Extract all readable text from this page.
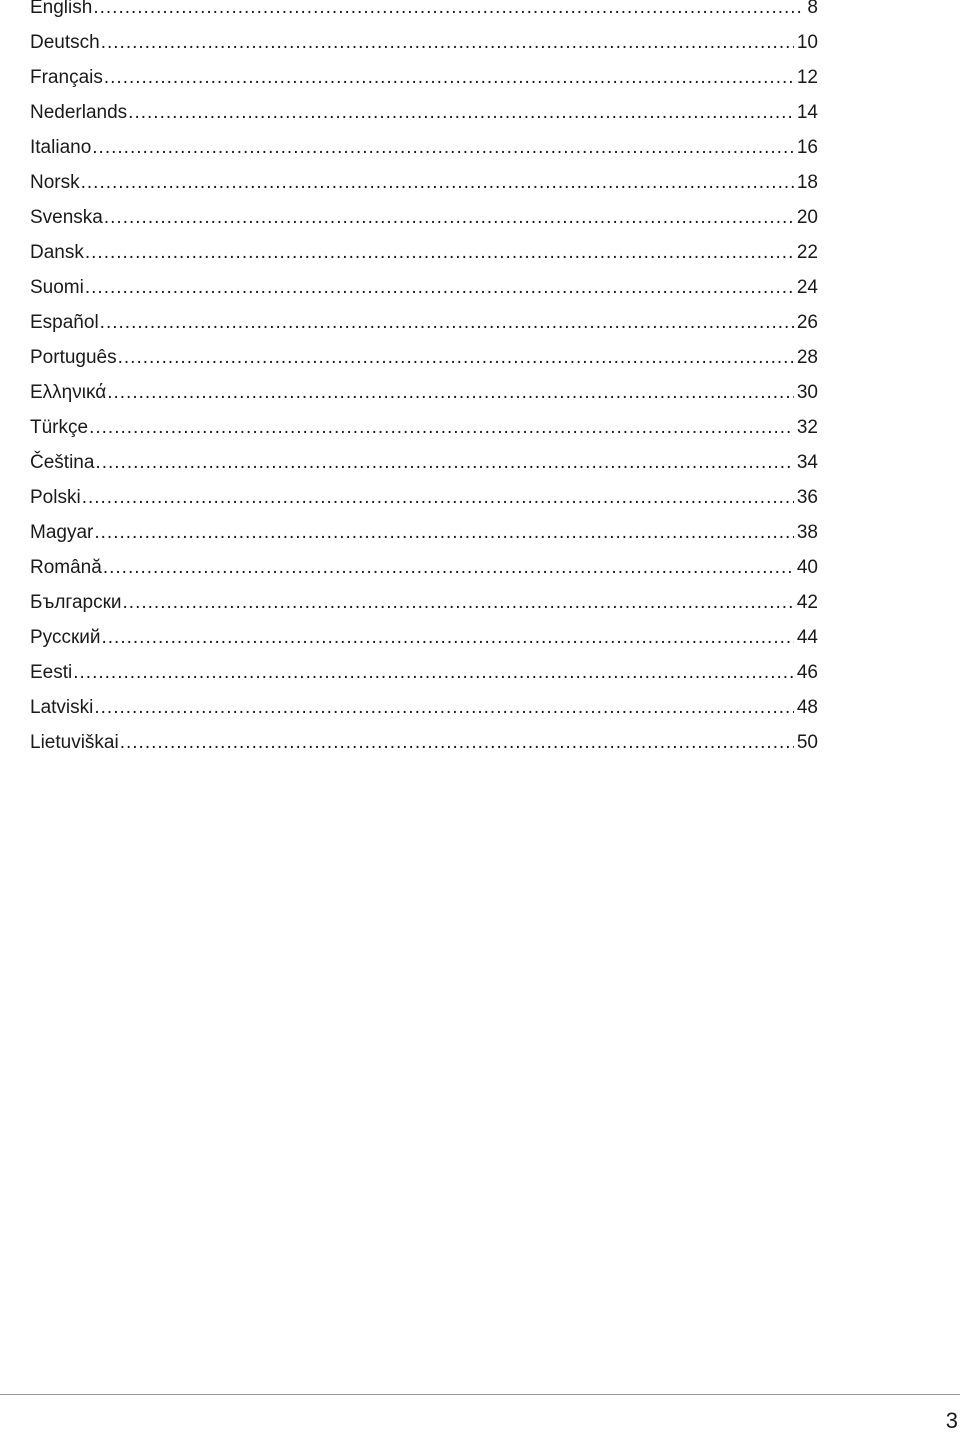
English .....	8
Deutsch .....	10
Français .....	12
Nederlands .....	14
Italiano .....	16
Norsk .....	18
Svenska .....	20
Dansk .....	22
Suomi .....	24
Español .....	26
Português .....	28
Ελληνικά .....	30
Türkçe .....	32
Čeština .....	34
Polski .....	36
Magyar .....	38
Română .....	40
Български .....	42
Русский .....	44
Eesti .....	46
Latviski .....	48
Lietuviškai .....	50
3
